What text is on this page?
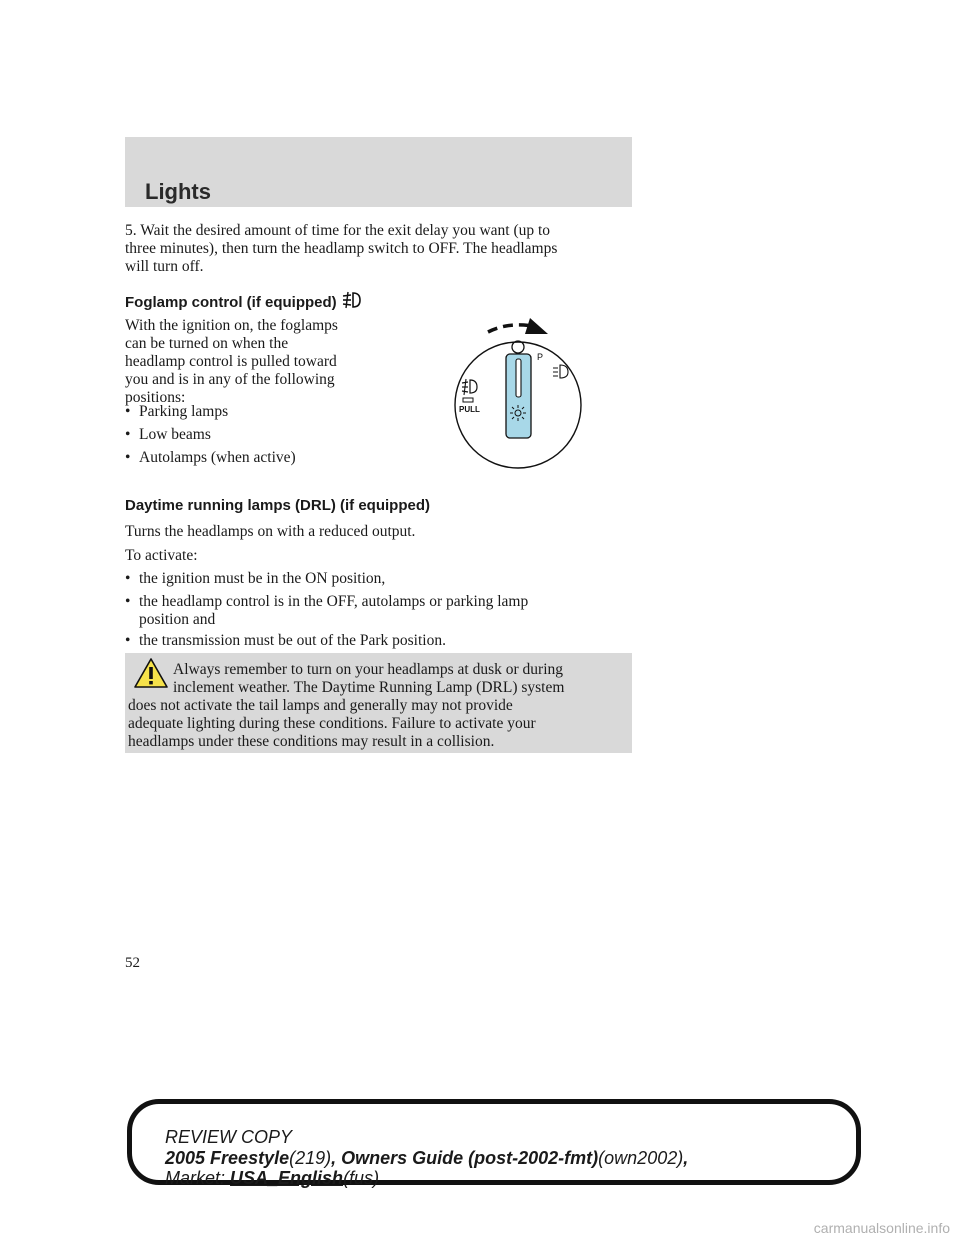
Lights
5. Wait the desired amount of time for the exit delay you want (up to
three minutes), then turn the headlamp switch to OFF. The headlamps
will turn off.
Foglamp control (if equipped)
With the ignition on, the foglamps
can be turned on when the
headlamp control is pulled toward
you and is in any of the following
positions:
• Parking lamps
• Low beams
• Autolamps (when active)
P
PULL
Daytime running lamps (DRL) (if equipped)
Turns the headlamps on with a reduced output.
To activate:
• the ignition must be in the ON position,
• the headlamp control is in the OFF, autolamps or parking lamp
position and
• the transmission must be out of the Park position.
Always remember to turn on your headlamps at dusk or during
inclement weather. The Daytime Running Lamp (DRL) system
does not activate the tail lamps and generally may not provide
adequate lighting during these conditions. Failure to activate your
headlamps under these conditions may result in a collision.
52
REVIEW COPY
2005 Freestyle(219), Owners Guide (post-2002-fmt)(own2002),
Market: USA_English(fus)
carmanualsonline.info
